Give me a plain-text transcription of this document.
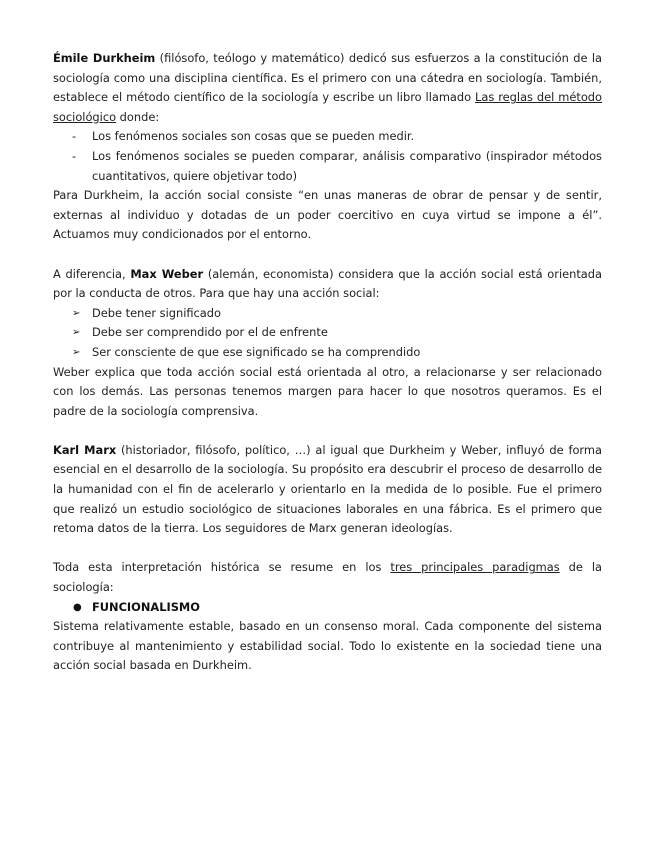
Émile Durkheim (filósofo, teólogo y matemático) dedicó sus esfuerzos a la constitución de la sociología como una disciplina científica. Es el primero con una cátedra en sociología. También, establece el método científico de la sociología y escribe un libro llamado Las reglas del método sociológico donde:

- Los fenómenos sociales son cosas que se pueden medir.
- Los fenómenos sociales se pueden comparar, análisis comparativo (inspirador métodos cuantitativos, quiere objetivar todo)

Para Durkheim, la acción social consiste “en unas maneras de obrar de pensar y de sentir, externas al individuo y dotadas de un poder coercitivo en cuya virtud se impone a él”. Actuamos muy condicionados por el entorno.

A diferencia, Max Weber (alemán, economista) considera que la acción social está orientada por la conducta de otros. Para que hay una acción social:

➢ Debe tener significado
➢ Debe ser comprendido por el de enfrente
➢ Ser consciente de que ese significado se ha comprendido

Weber explica que toda acción social está orientada al otro, a relacionarse y ser relacionado con los demás. Las personas tenemos margen para hacer lo que nosotros queramos. Es el padre de la sociología comprensiva.

Karl Marx (historiador, filósofo, político, …) al igual que Durkheim y Weber, influyó de forma esencial en el desarrollo de la sociología. Su propósito era descubrir el proceso de desarrollo de la humanidad con el fin de acelerarlo y orientarlo en la medida de lo posible. Fue el primero que realizó un estudio sociológico de situaciones laborales en una fábrica. Es el primero que retoma datos de la tierra. Los seguidores de Marx generan ideologías.

Toda esta interpretación histórica se resume en los tres principales paradigmas de la sociología:

● FUNCIONALISMO

Sistema relativamente estable, basado en un consenso moral. Cada componente del sistema contribuye al mantenimiento y estabilidad social. Todo lo existente en la sociedad tiene una acción social basada en Durkheim.
